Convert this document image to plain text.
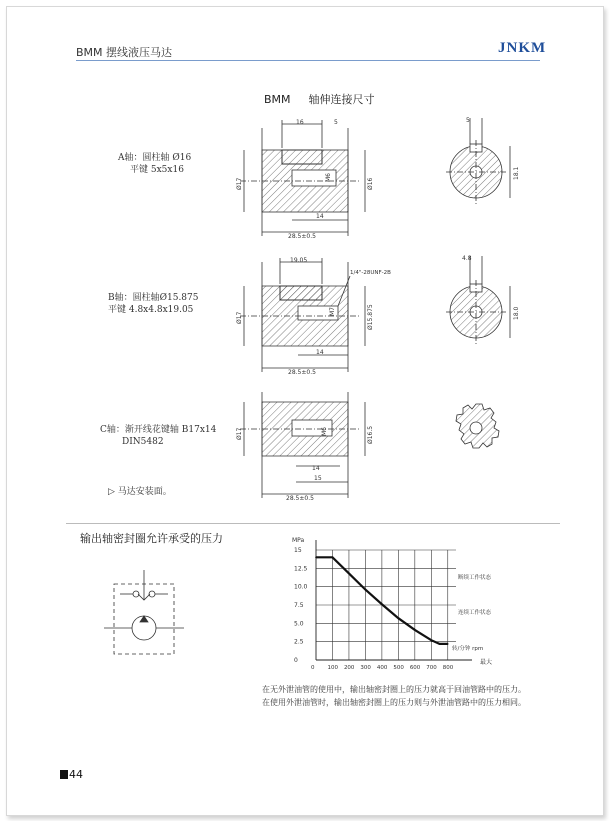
BMM 摆线液压马达	JNKM
BMM 轴伸连接尺寸
A轴：圆柱轴 Ø16
平键 5x5x16
B轴：圆柱轴Ø15.875
平键 4.8x4.8x19.05
C轴：渐开线花键轴 B17x14
DIN5482
16	5
14
28.5±0.5
M6
Ø17	Ø16
5
18.1
19.05
1/4"-28UNF-2B
14
28.5±0.5
Ø17	Ø15.875
M7
4.8
18.0
14
15
28.5±0.5
Ø17	Ø16.5
M6
▷ 马达安装面。
输出轴密封圈允许承受的压力
0 100 200 300 400 500 600 700 800
0
2.5
5.0
7.5
10.0
12.5
15
MPa
转/分钟 rpm
最大
断续工作状态
连续工作状态
在无外泄油管的使用中，输出轴密封圈上的压力就高于回油管路中的压力。
在使用外泄油管时，输出轴密封圈上的压力则与外泄油管路中的压力相同。
44
